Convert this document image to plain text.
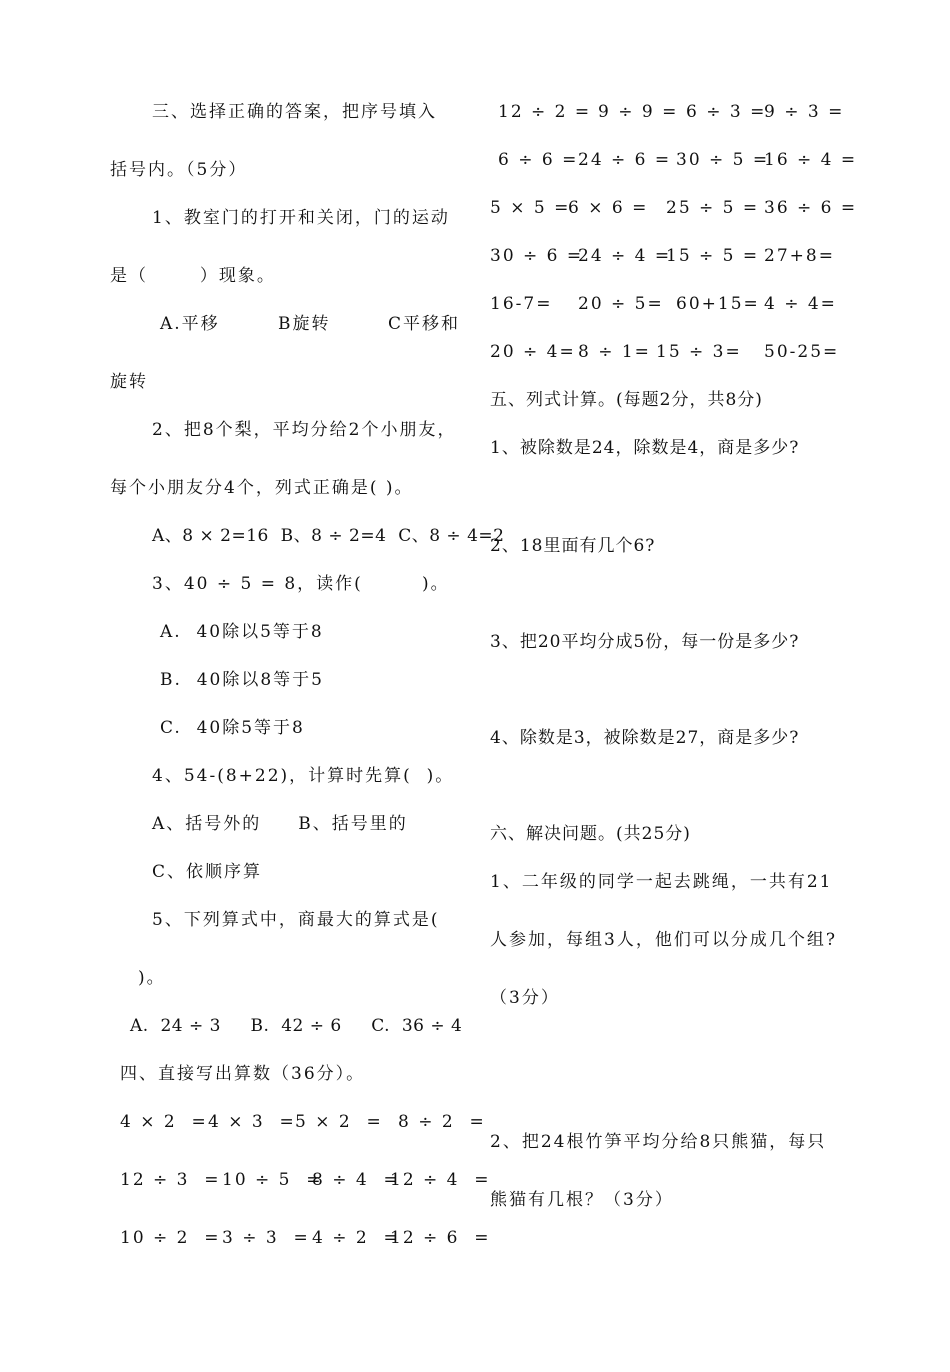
三、选择正确的答案，把序号填入
括号内。（5分）
1、教室门的打开和关闭，门的运动
是（       ）现象。
A.平移	B旋转	C平移和
旋转
2、把8个梨，平均分给2个小朋友，
每个小朋友分4个，列式正确是( )。
A、8 × 2=16  B、8 ÷ 2=4  C、8 ÷ 4=2
3、40 ÷ 5 = 8，读作(        )。
A.  40除以5等于8
B.  40除以8等于5
C.  40除5等于8
4、54-(8+22)，计算时先算(  )。
A、括号外的     B、括号里的
C、依顺序算
5、下列算式中，商最大的算式是(
)。
A.  24 ÷ 3     B.  42 ÷ 6     C.  36 ÷ 4
四、直接写出算数（36分）。
4 × 2  = 4 × 3  = 5 × 2  = 8 ÷ 2  =
12 ÷ 3  = 10 ÷ 5  =
8 ÷ 4  =
12 ÷ 4  =
10 ÷ 2  = 3 ÷ 3  = 4 ÷ 2  =
12 ÷ 6  =
12 ÷ 2 = 9 ÷ 9 = 6 ÷ 3 =
9 ÷ 3 =
6 ÷ 6 = 24 ÷ 6 = 30 ÷ 5 =
16 ÷ 4 =
5 × 5 =
6 × 6 = 25 ÷ 5 = 36 ÷ 6 =
30 ÷ 6 =
24 ÷ 4 =
15 ÷ 5 = 27+8=
16-7= 20 ÷ 5= 60+15= 4 ÷ 4=
20 ÷ 4= 8 ÷ 1= 15 ÷ 3= 50-25=
五、列式计算。(每题2分，共8分)
1、被除数是24，除数是4，商是多少?
2、18里面有几个6?
3、把20平均分成5份，每一份是多少?
4、除数是3，被除数是27，商是多少?
六、解决问题。(共25分)
1、二年级的同学一起去跳绳，一共有21
人参加，每组3人，他们可以分成几个组?
（3分）
2、把24根竹笋平均分给8只熊猫，每只
熊猫有几根？（3分）
